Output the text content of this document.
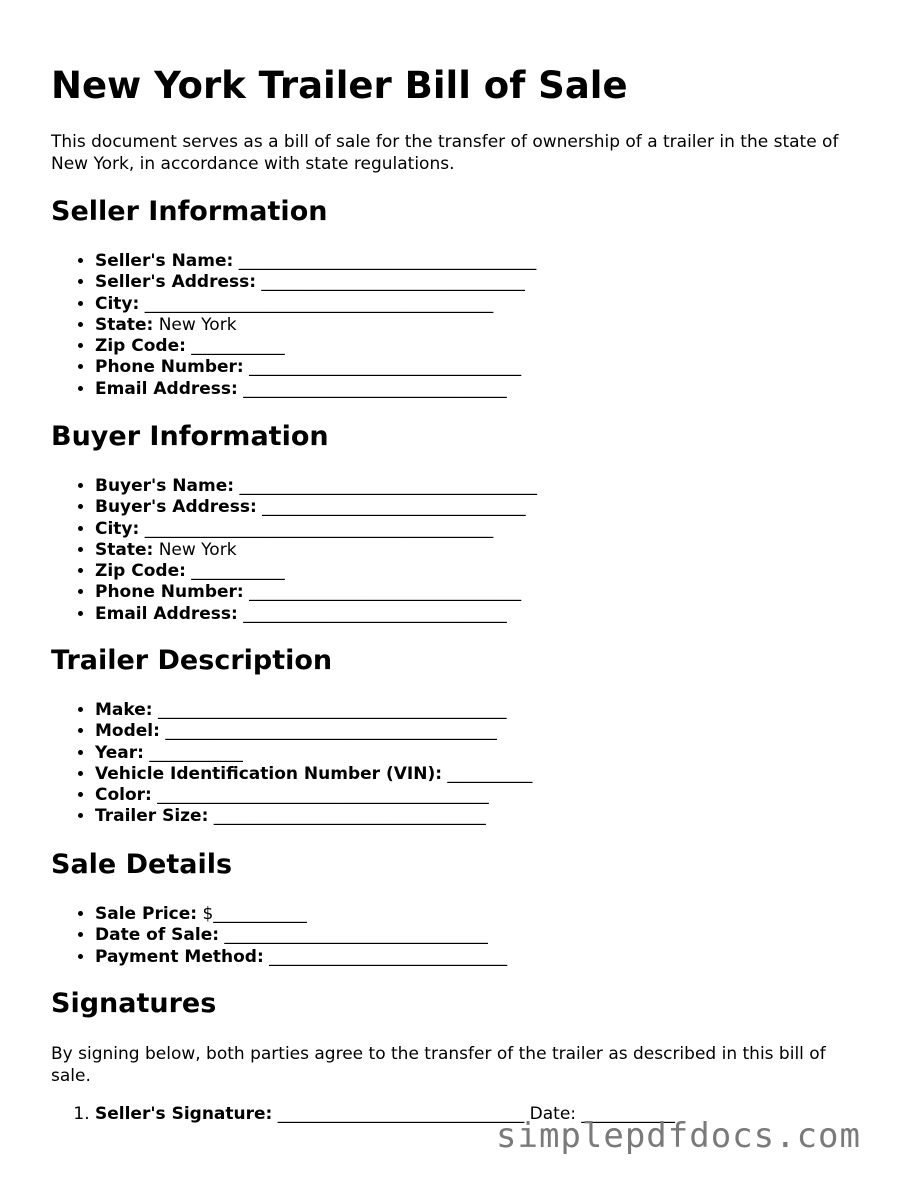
New York Trailer Bill of Sale

This document serves as a bill of sale for the transfer of ownership of a trailer in the state of New York, in accordance with state regulations.

Seller Information
• Seller's Name: ___________________________________
• Seller's Address: _______________________________
• City: _________________________________________
• State: New York
• Zip Code: ___________
• Phone Number: ________________________________
• Email Address: _______________________________
Buyer Information
• Buyer's Name: ___________________________________
• Buyer's Address: _______________________________
• City: _________________________________________
• State: New York
• Zip Code: ___________
• Phone Number: ________________________________
• Email Address: _______________________________
Trailer Description
• Make: _________________________________________
• Model: _______________________________________
• Year: ___________
• Vehicle Identification Number (VIN): __________
• Color: _______________________________________
• Trailer Size: ________________________________
Sale Details
• Sale Price: $___________
• Date of Sale: _______________________________
• Payment Method: ____________________________
Signatures

By signing below, both parties agree to the transfer of the trailer as described in this bill of sale.

1. Seller's Signature: _____________________________ Date: ___________
simplepdfdocs.com
